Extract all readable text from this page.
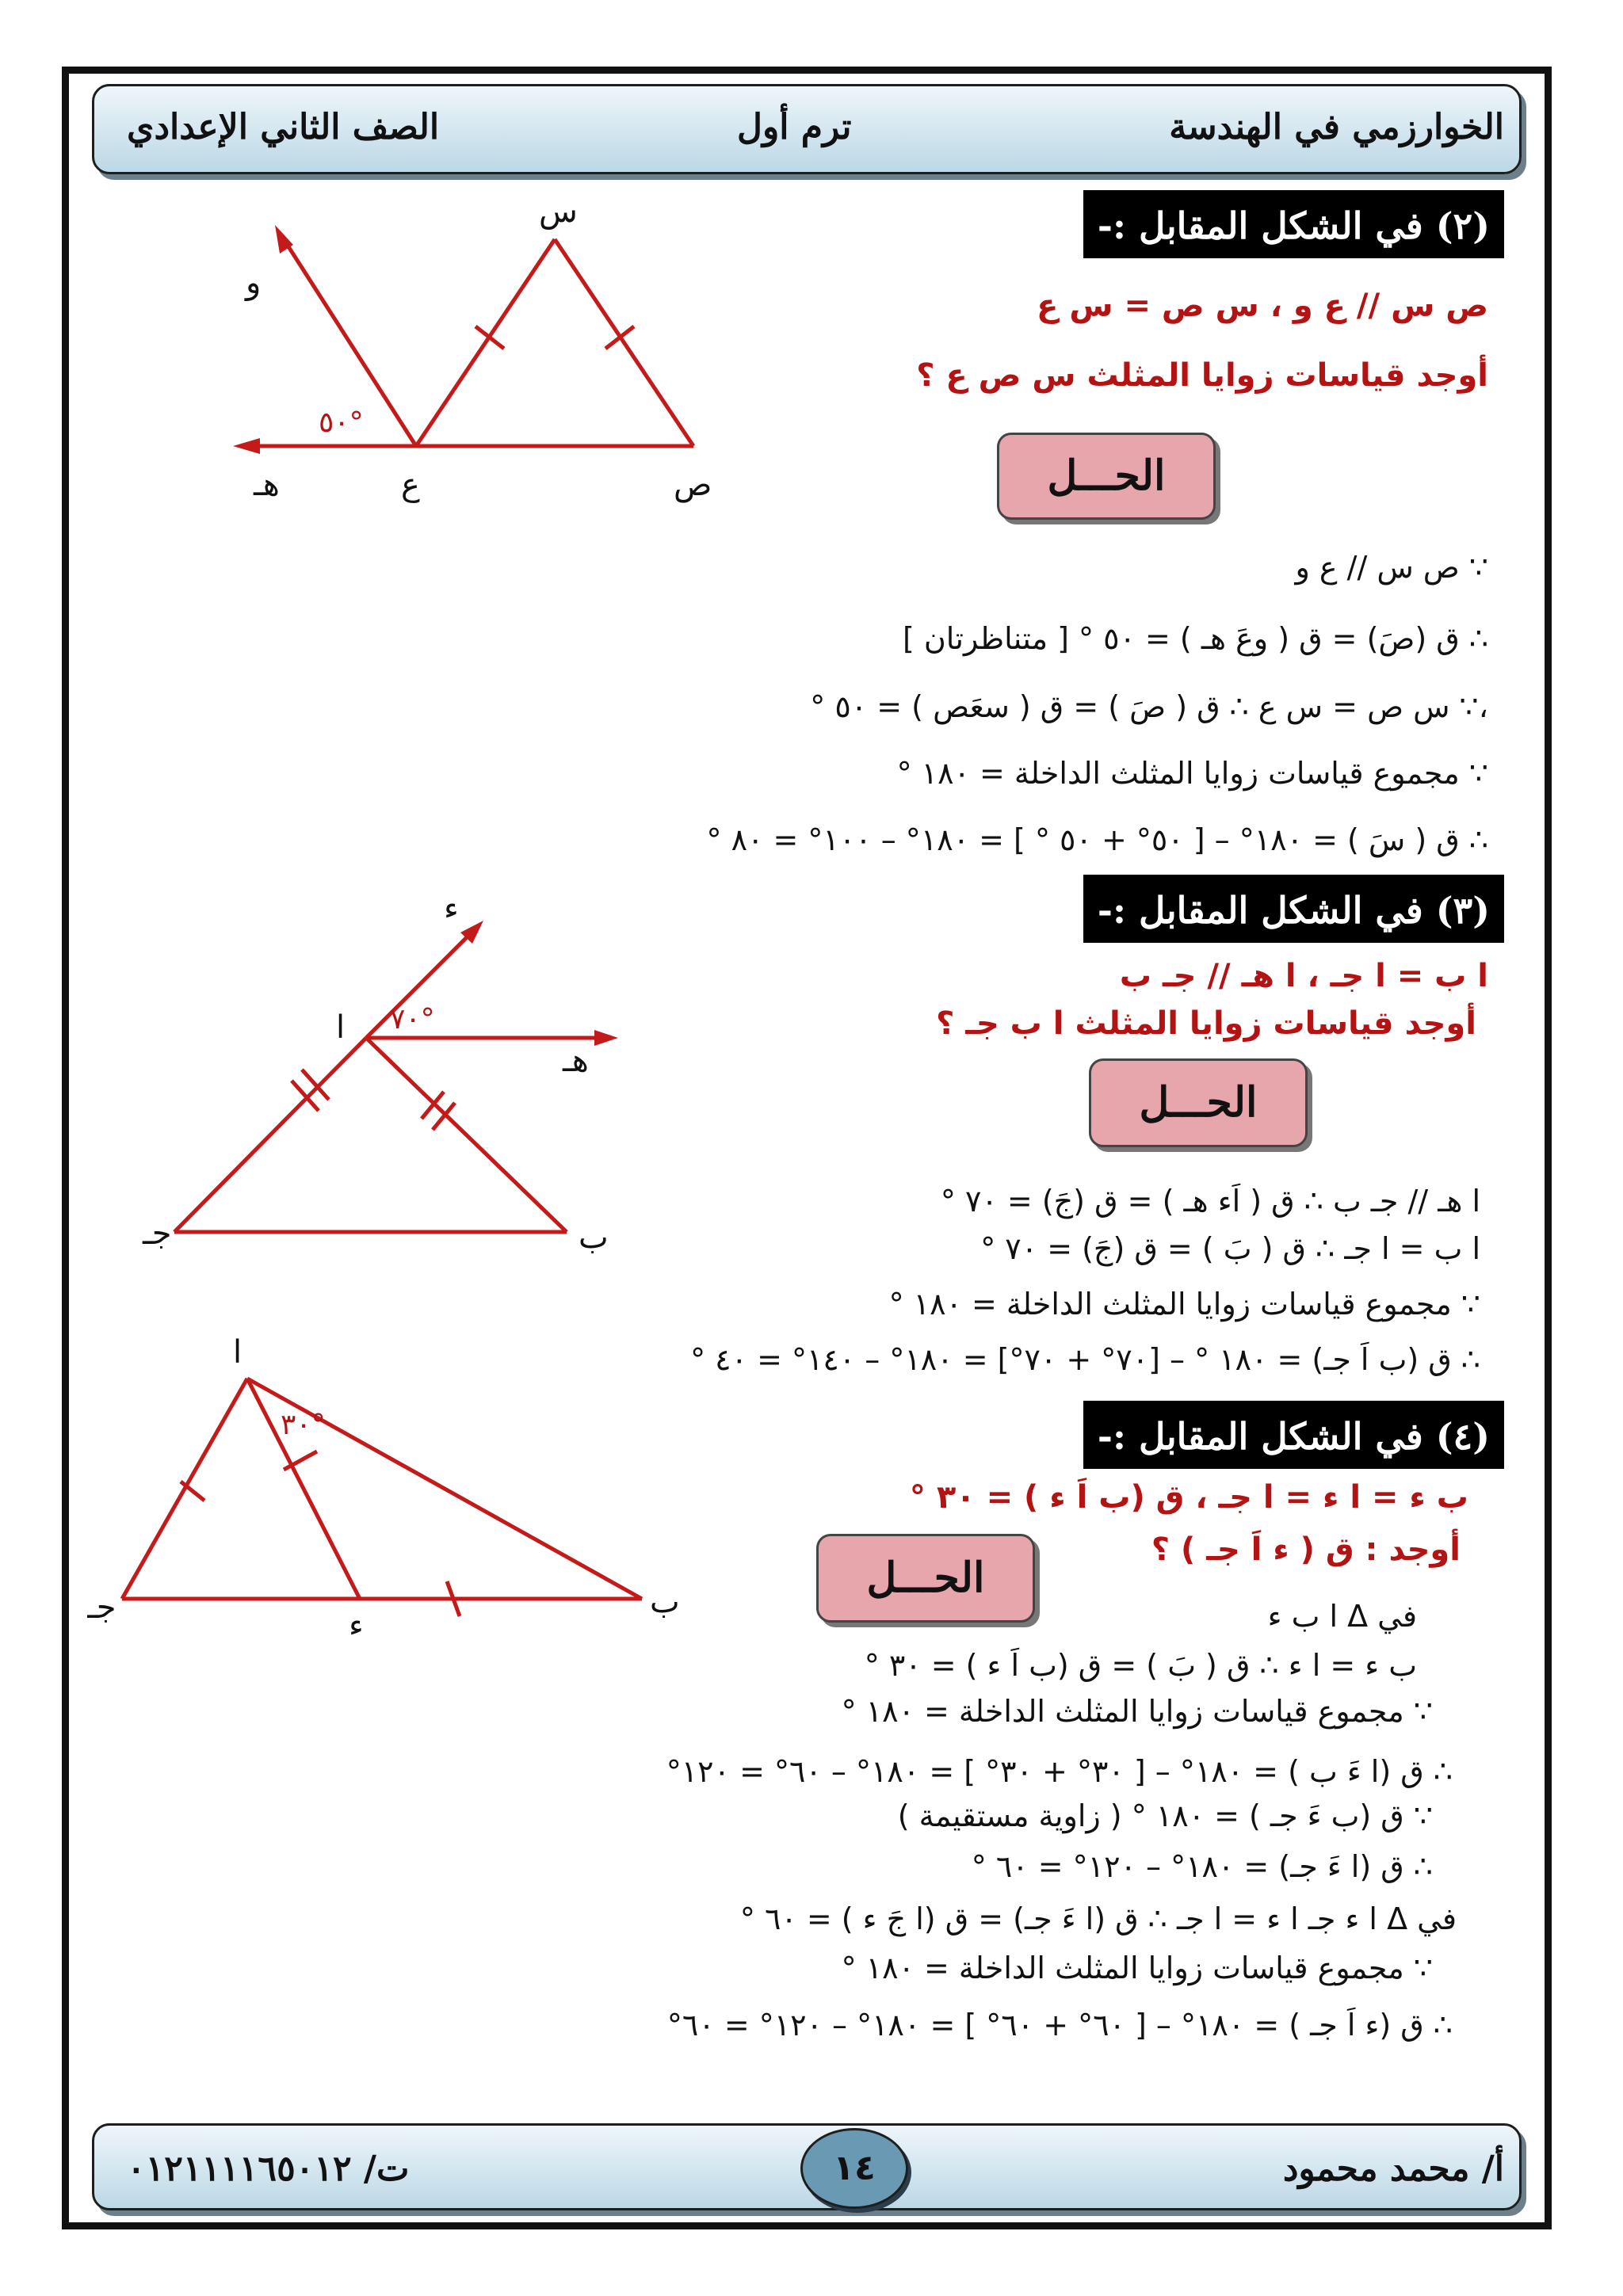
الخوارزمي في الهندسة
ترم أول
الصف الثاني الإعدادي
(٢) في الشكل المقابل :-
ص س // ع و ، س ص = س ع
أوجد قياسات زوايا المثلث س ص ع ؟
الحـــل
س
و
هـ	ع	ص
٥٠°
∵ ص س // ع و
∴ ق (صَ) = ق ( وعَ هـ ) = ٥٠ ° [ متناظرتان ]
،∵ س ص = س ع ∴ ق ( صَ ) = ق ( سعَص ) = ٥٠ °
∵ مجموع قياسات زوايا المثلث الداخلة = ١٨٠ °
∴ ق ( سَ ) = ١٨٠° – [ ٥٠° + ٥٠ ° ] = ١٨٠° – ١٠٠° = ٨٠ °
(٣) في الشكل المقابل :-
ا ب = ا جـ ، ا هـ // جـ ب
أوجد قياسات زوايا المثلث ا ب جـ ؟
الحـــل
ء
ا
هـ
جـ	ب
٧٠°
ا هـ // جـ ب ∴ ق ( اَء هـ ) = ق (جَ) = ٧٠ °
ا ب = ا جـ ∴ ق ( بَ ) = ق (جَ) = ٧٠ °
∵ مجموع قياسات زوايا المثلث الداخلة = ١٨٠ °
∴ ق (ب اَ جـ) = ١٨٠ ° – [٧٠° + ٧٠°] = ١٨٠° – ١٤٠° = ٤٠ °
(٤) في الشكل المقابل :-
ب ء = ا ء = ا جـ ، ق (ب اَ ء ) = ٣٠ °
أوجد : ق ( ء اَ جـ ) ؟
الحـــل
ا
جـ	ء
ب
٣٠°
في Δ ا ب ء
ب ء = ا ء ∴ ق ( بَ ) = ق (ب اَ ء ) = ٣٠ °
∵ مجموع قياسات زوايا المثلث الداخلة = ١٨٠ °
∴ ق (ا ءَ ب ) = ١٨٠° – [ ٣٠° + ٣٠° ] = ١٨٠° – ٦٠° = ١٢٠°
∵ ق (ب ءَ جـ ) = ١٨٠ ° ( زاوية مستقيمة )
∴ ق (ا ءَ جـ) = ١٨٠° – ١٢٠° = ٦٠ °
في Δ ا ء جـ ا ء = ا جـ ∴ ق (ا ءَ جـ) = ق (ا جَ ء ) = ٦٠ °
∵ مجموع قياسات زوايا المثلث الداخلة = ١٨٠ °
∴ ق (ء اَ جـ ) = ١٨٠° – [ ٦٠° + ٦٠° ] = ١٨٠° – ١٢٠° = ٦٠°
أ/ محمد محمود
١٤
ت/ ٠١٢١١١١٦٥٠١٢
